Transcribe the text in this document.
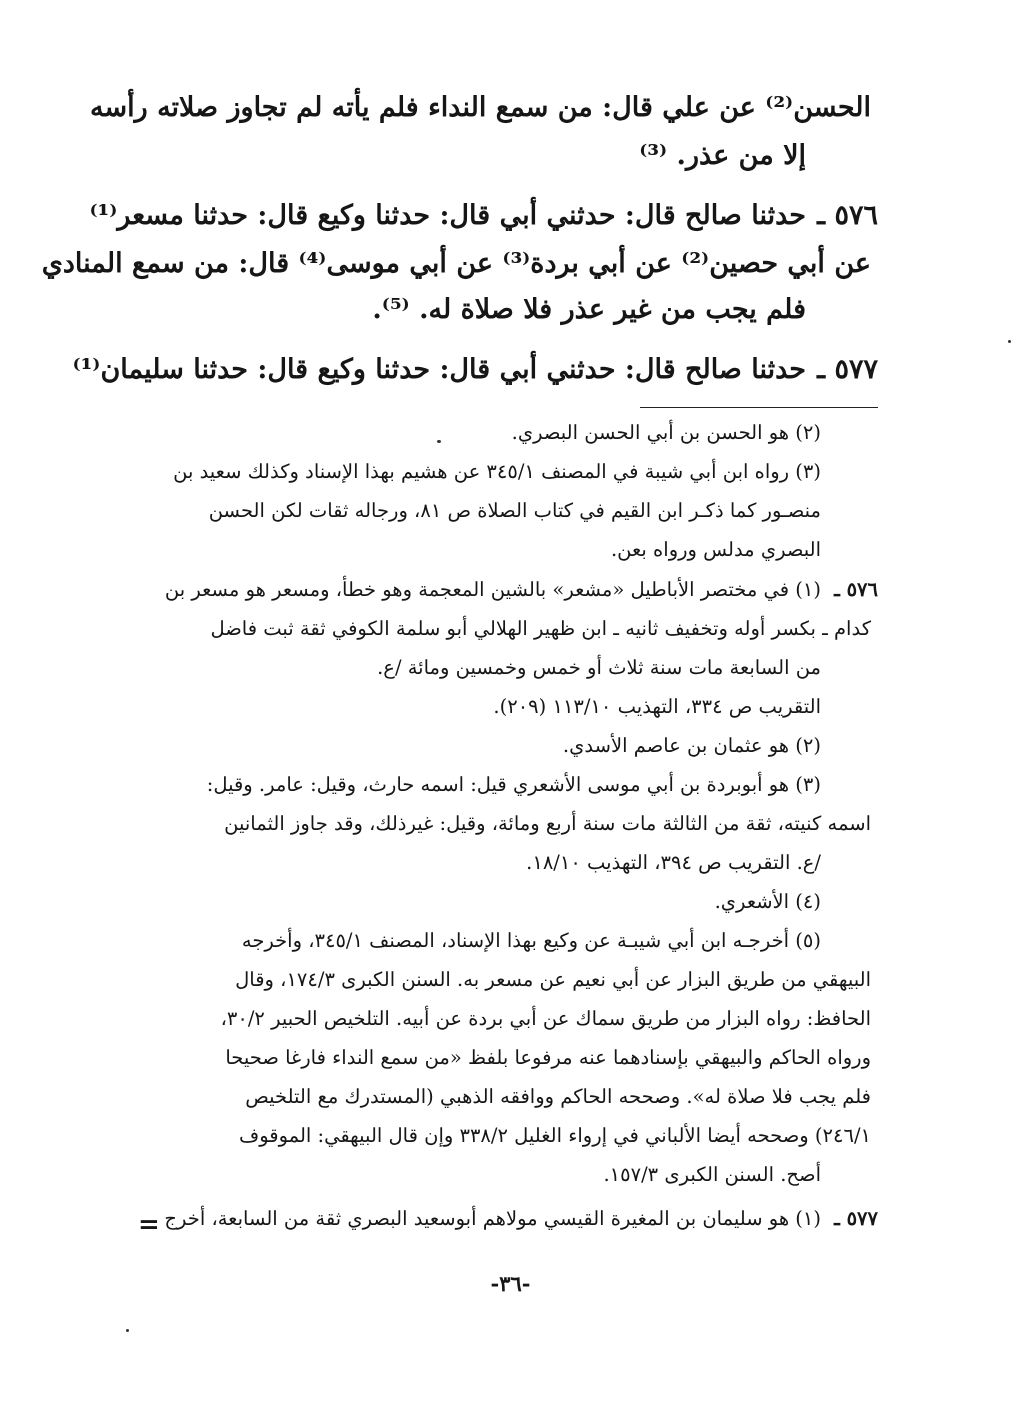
الحسن⁽²⁾ عن علي قال: من سمع النداء فلم يأته لم تجاوز صلاته رأسه
إلا من عذر. ⁽³⁾
٥٧٦ ـ
حدثنا صالح قال: حدثني أبي قال: حدثنا وكيع قال: حدثنا مسعر⁽¹⁾
عن أبي حصين⁽²⁾ عن أبي بردة⁽³⁾ عن أبي موسى⁽⁴⁾ قال: من سمع المنادي
فلم يجب من غير عذر فلا صلاة له. ⁽⁵⁾.
٥٧٧ ـ
حدثنا صالح قال: حدثني أبي قال: حدثنا وكيع قال: حدثنا سليمان⁽¹⁾
(٢) هو الحسن بن أبي الحسن البصري.
(٣) رواه ابن أبي شيبة في المصنف ٣٤٥/١ عن هشيم بهذا الإسناد وكذلك سعيد بن
منصـور كما ذكـر ابن القيم في كتاب الصلاة ص ٨١، ورجاله ثقات لكن الحسن
البصري مدلس ورواه بعن.
٥٧٦ ـ
(١) في مختصر الأباطيل «مشعر» بالشين المعجمة وهو خطأ، ومسعر هو مسعر بن
كدام ـ بكسر أوله وتخفيف ثانيه ـ ابن ظهير الهلالي أبو سلمة الكوفي ثقة ثبت فاضل
من السابعة مات سنة ثلاث أو خمس وخمسين ومائة /ع.
التقريب ص ٣٣٤، التهذيب ١١٣/١٠ (٢٠٩).
(٢) هو عثمان بن عاصم الأسدي.
(٣) هو أبوبردة بن أبي موسى الأشعري قيل: اسمه حارث، وقيل: عامر. وقيل:
اسمه كنيته، ثقة من الثالثة مات سنة أربع ومائة، وقيل: غيرذلك، وقد جاوز الثمانين
/ع. التقريب ص ٣٩٤، التهذيب ١٨/١٠.
(٤) الأشعري.
(٥) أخرجـه ابن أبي شيبـة عن وكيع بهذا الإسناد، المصنف ٣٤٥/١، وأخرجه
البيهقي من طريق البزار عن أبي نعيم عن مسعر به. السنن الكبرى ١٧٤/٣، وقال
الحافظ: رواه البزار من طريق سماك عن أبي بردة عن أبيه. التلخيص الحبير ٣٠/٢،
ورواه الحاكم والبيهقي بإسنادهما عنه مرفوعا بلفظ «من سمع النداء فارغا صحيحا
فلم يجب فلا صلاة له». وصححه الحاكم ووافقه الذهبي (المستدرك مع التلخيص
٢٤٦/١) وصححه أيضا الألباني في إرواء الغليل ٣٣٨/٢ وإن قال البيهقي: الموقوف
أصح. السنن الكبرى ١٥٧/٣.
٥٧٧ ـ
(١) هو سليمان بن المغيرة القيسي مولاهم أبوسعيد البصري ثقة من السابعة، أخرج
=
-٣٦-
